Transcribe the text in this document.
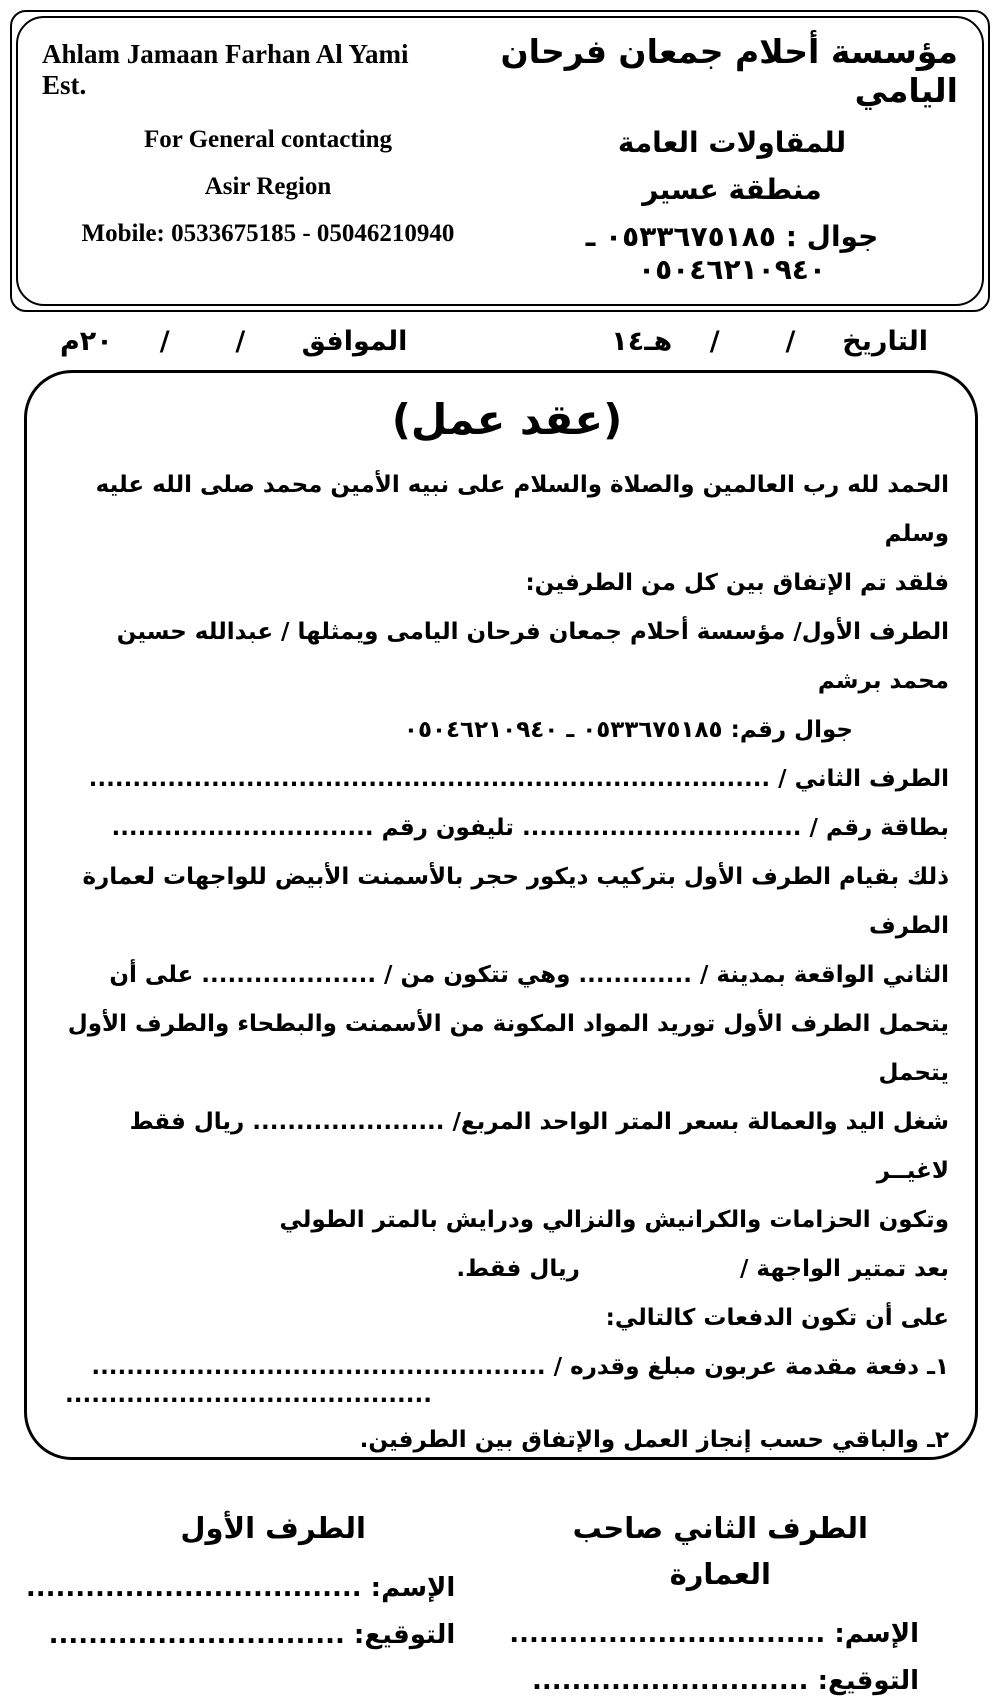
Ahlam Jamaan Farhan Al Yami Est.
مؤسسة أحلام جمعان فرحان اليامي
For General contacting	للمقاولات العامة
Asir Region	منطقة عسير
Mobile: 0533675185 - 05046210940	جوال : ٠٥٣٣٦٧٥١٨٥ ـ ٠٥٠٤٦٢١٠٩٤٠
التاريخ     /       /    هـ١٤
الموافق      /       /     ٢٠م
(عقد عمل)
الحمد لله رب العالمين والصلاة والسلام على نبيه الأمين محمد صلى الله عليه وسلم
فلقد تم الإتفاق بين كل من الطرفين:
الطرف الأول/ مؤسسة أحلام جمعان فرحان اليامى ويمثلها / عبدالله حسين محمد برشم
جوال رقم: ٠٥٣٣٦٧٥١٨٥ ـ ٠٥٠٤٦٢١٠٩٤٠
الطرف الثاني / ..............................................................................
بطاقة رقم / ................................ تليفون رقم ..............................
ذلك بقيام الطرف الأول بتركيب ديكور حجر بالأسمنت الأبيض للواجهات لعمارة الطرف
الثاني الواقعة بمدينة / ............. وهي تتكون من / .................... على أن
يتحمل الطرف الأول توريد المواد المكونة من الأسمنت والبطحاء والطرف الأول يتحمل
شغل اليد والعمالة بسعر المتر الواحد المربع/ ...................... ريال فقط لاغيــر
وتكون الحزامات والكرانيش والنزالي ودرايش بالمتر الطولي
بعد تمتير الواجهة /                    ريال فقط.
على أن تكون الدفعات كالتالي:
١ـ دفعة مقدمة عربون مبلغ وقدره / ....................................................
..........................................
٢ـ والباقي حسب إنجاز العمل والإتفاق بين الطرفين.
الطرف الثاني صاحب العمارة
الإسم: ................................
التوقيع: ............................
الطرف الأول
الإسم: ..................................
التوقيع: ..............................
